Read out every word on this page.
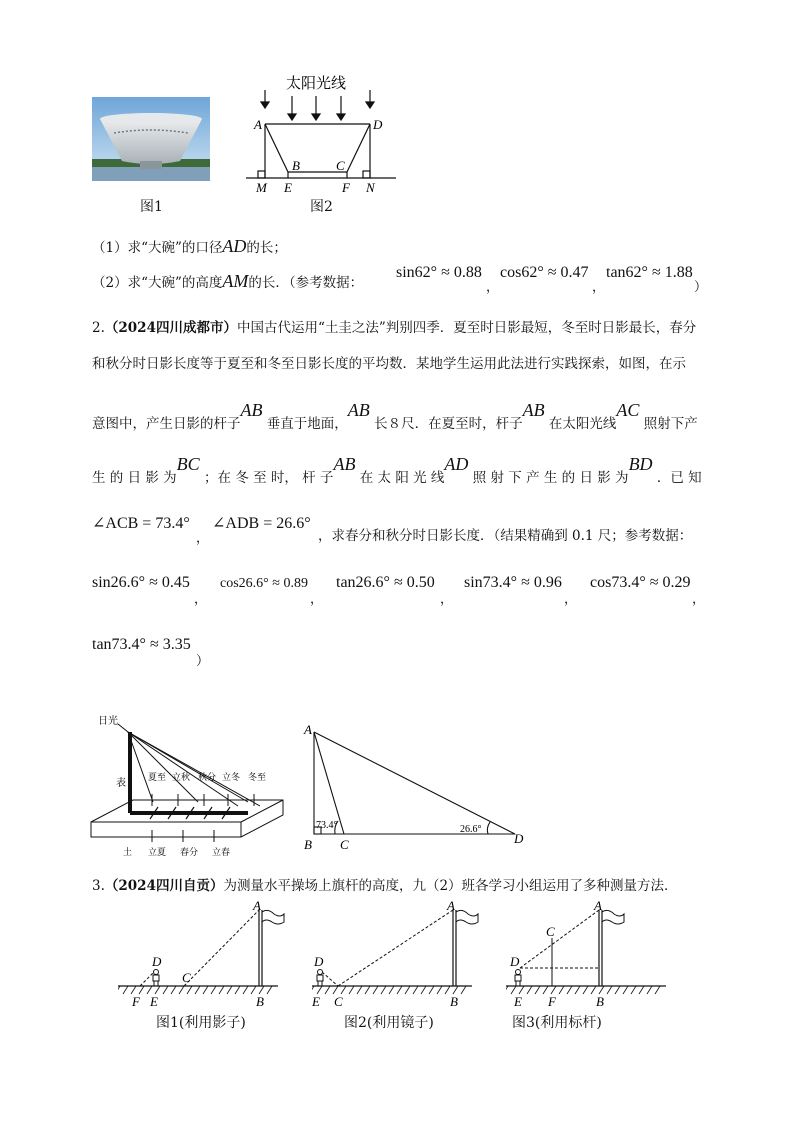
图1
太阳光线
A	D
B	C
M E	F N
图2
（1）求“大碗”的口径AD的长；
（2）求“大碗”的高度AM的长．（参考数据：
sin62° ≈ 0.88
，
cos62° ≈ 0.47
，
tan62° ≈ 1.88
）
2.（2024四川成都市）中国古代运用“土圭之法”判别四季．夏至时日影最短，冬至时日影最长，春分
和秋分时日影长度等于夏至和冬至日影长度的平均数．某地学生运用此法进行实践探索，如图，在示
意图中，产生日影的杆子AB 垂直于地面，AB 长８尺．在夏至时，杆子AB 在太阳光线AC 照射下产
生 的 日 影 为BC ；在 冬 至 时， 杆 子AB 在 太 阳 光 线AD 照 射 下 产 生 的 日 影 为BD ．已 知
∠ACB = 73.4°
，
∠ADB = 26.6°
，求春分和秋分时日影长度．（结果精确到 0.1 尺；参考数据：
sin26.6° ≈ 0.45
，
cos26.6° ≈ 0.89
，
tan26.6° ≈ 0.50
，
sin73.4° ≈ 0.96
，
cos73.4° ≈ 0.29
，
tan73.4° ≈ 3.35
）
日光
表
夏至 立秋 秋分 立冬 冬至
土 立夏 春分 立春
A
B C	D
73.4°	26.6°
3.（2024四川自贡）为测量水平操场上旗杆的高度，九（2）班各学习小组运用了多种测量方法．
A
D
C
F E	B
图1(利用影子)
A
D
E C	B
图2(利用镜子)
A
C
D
E F	B
图3(利用标杆)
